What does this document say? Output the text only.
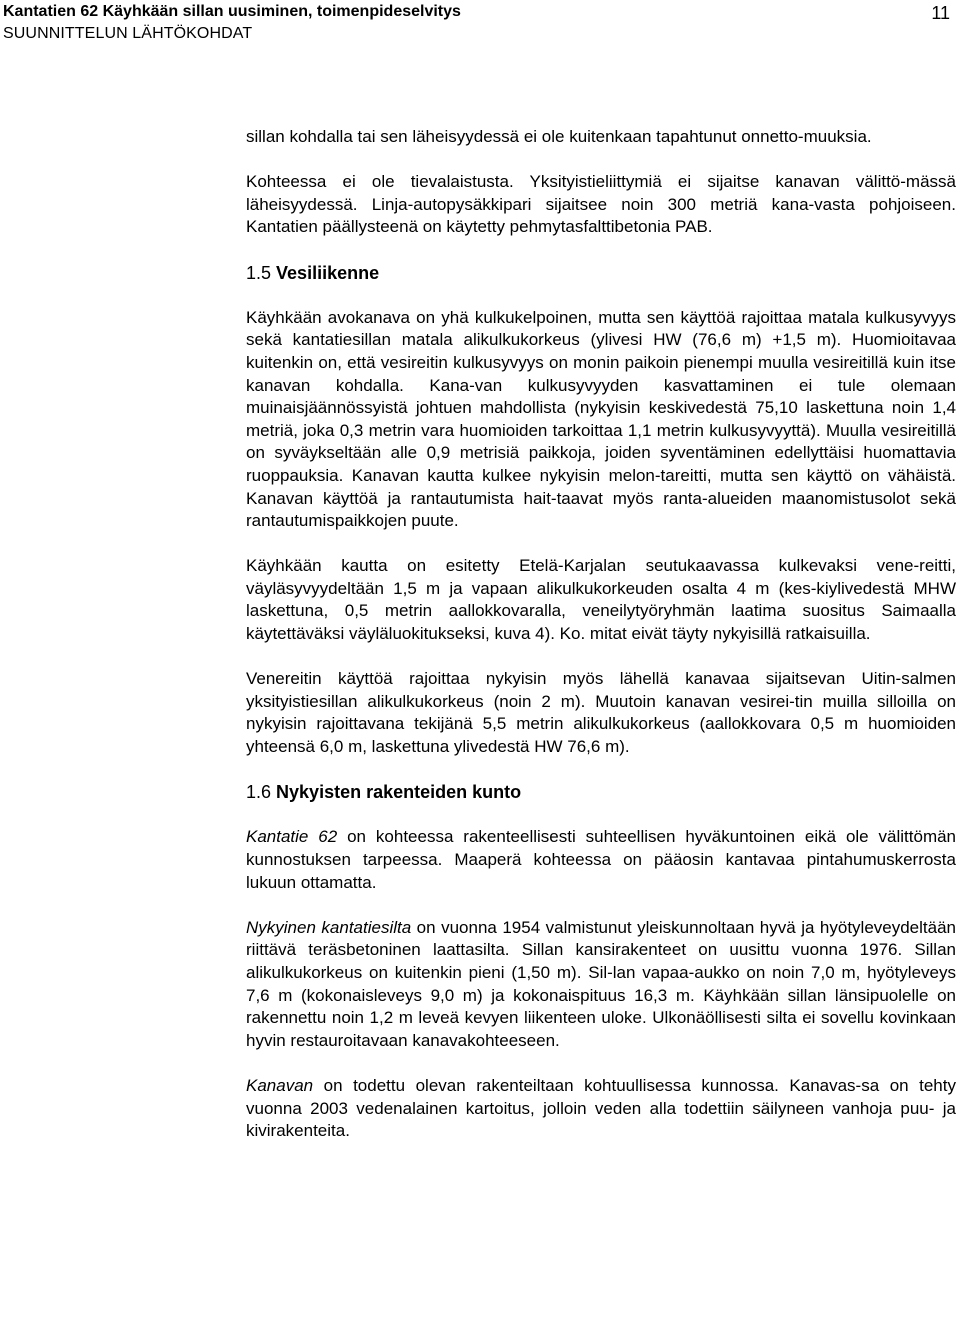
Kantatien 62 Käyhkään sillan uusiminen, toimenpideselvitys
SUUNNITTELUN LÄHTÖKOHDAT
11

sillan kohdalla tai sen läheisyydessä ei ole kuitenkaan tapahtunut onnetto-muuksia.

Kohteessa ei ole tievalaistusta. Yksityistieliittymiä ei sijaitse kanavan välittö-mässä läheisyydessä. Linja-autopysäkkipari sijaitsee noin 300 metriä kana-vasta pohjoiseen. Kantatien päällysteenä on käytetty pehmytasfalttibetonia PAB.

1.5 Vesiliikenne

Käyhkään avokanava on yhä kulkukelpoinen, mutta sen käyttöä rajoittaa matala kulkusyvyys sekä kantatiesillan matala alikulkukorkeus (ylivesi HW (76,6 m) +1,5 m). Huomioitavaa kuitenkin on, että vesireitin kulkusyvyys on monin paikoin pienempi muulla vesireitillä kuin itse kanavan kohdalla. Kana-van kulkusyvyyden kasvattaminen ei tule olemaan muinaisjäännössyistä johtuen mahdollista (nykyisin keskivedestä 75,10 laskettuna noin 1,4 metriä, joka 0,3 metrin vara huomioiden tarkoittaa 1,1 metrin kulkusyvyyttä). Muulla vesireitillä on syväykseltään alle 0,9 metrisiä paikkoja, joiden syventäminen edellyttäisi huomattavia ruoppauksia. Kanavan kautta kulkee nykyisin melon-tareitti, mutta sen käyttö on vähäistä. Kanavan käyttöä ja rantautumista hait-taavat myös ranta-alueiden maanomistusolot sekä rantautumispaikkojen puute.

Käyhkään kautta on esitetty Etelä-Karjalan seutukaavassa kulkevaksi vene-reitti, väyläsyvyydeltään 1,5 m ja vapaan alikulkukorkeuden osalta 4 m (kes-kiylivedestä MHW laskettuna, 0,5 metrin aallokkovaralla, veneilytyöryhmän laatima suositus Saimaalla käytettäväksi väyläluokitukseksi, kuva 4). Ko. mitat eivät täyty nykyisillä ratkaisuilla.

Venereitin käyttöä rajoittaa nykyisin myös lähellä kanavaa sijaitsevan Uitin-salmen yksityistiesillan alikulkukorkeus (noin 2 m). Muutoin kanavan vesirei-tin muilla silloilla on nykyisin rajoittavana tekijänä 5,5 metrin alikulkukorkeus (aallokkovara 0,5 m huomioiden yhteensä 6,0 m, laskettuna ylivedestä HW 76,6 m).

1.6 Nykyisten rakenteiden kunto

Kantatie 62 on kohteessa rakenteellisesti suhteellisen hyväkuntoinen eikä ole välittömän kunnostuksen tarpeessa. Maaperä kohteessa on pääosin kantavaa pintahumuskerrosta lukuun ottamatta.

Nykyinen kantatiesilta on vuonna 1954 valmistunut yleiskunnoltaan hyvä ja hyötyleveydeltään riittävä teräsbetoninen laattasilta. Sillan kansirakenteet on uusittu vuonna 1976. Sillan alikulkukorkeus on kuitenkin pieni (1,50 m). Sil-lan vapaa-aukko on noin 7,0 m, hyötyleveys 7,6 m (kokonaisleveys 9,0 m) ja kokonaispituus 16,3 m. Käyhkään sillan länsipuolelle on rakennettu noin 1,2 m leveä kevyen liikenteen uloke. Ulkonäöllisesti silta ei sovellu kovinkaan hyvin restauroitavaan kanavakohteeseen.

Kanavan on todettu olevan rakenteiltaan kohtuullisessa kunnossa. Kanavas-sa on tehty vuonna 2003 vedenalainen kartoitus, jolloin veden alla todettiin säilyneen vanhoja puu- ja kivirakenteita.
